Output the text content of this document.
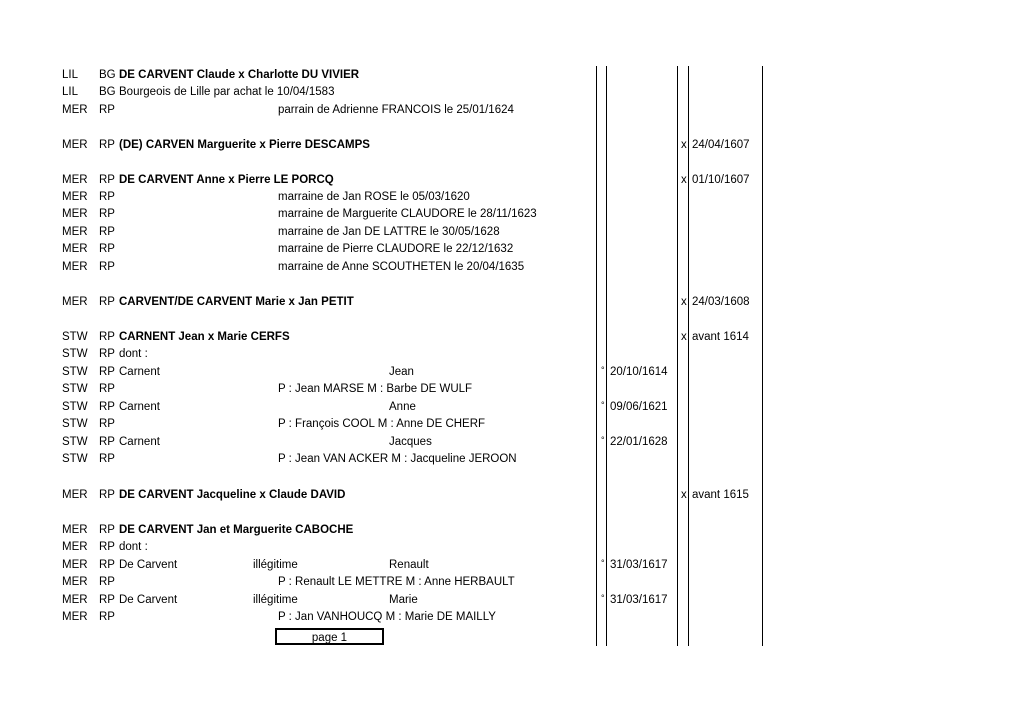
LIL BG DE CARVENT Claude x Charlotte DU VIVIER
LIL BG Bourgeois de Lille par achat le 10/04/1583
MER RP	parrain de Adrienne FRANCOIS le 25/01/1624
MER RP (DE) CARVEN Marguerite x Pierre DESCAMPS	x 24/04/1607
MER RP DE CARVENT Anne x Pierre LE PORCQ	x 01/10/1607
MER RP	marraine de Jan ROSE le 05/03/1620
MER RP	marraine de Marguerite CLAUDORE le 28/11/1623
MER RP	marraine de Jan DE LATTRE le 30/05/1628
MER RP	marraine de Pierre CLAUDORE le 22/12/1632
MER RP	marraine de Anne SCOUTHETEN le 20/04/1635
MER RP CARVENT/DE CARVENT Marie x Jan PETIT	x 24/03/1608
STW RP CARNENT Jean x Marie CERFS	x avant 1614
STW RP dont :
STW RP Carnent	Jean	° 20/10/1614
STW RP	P : Jean MARSE M : Barbe DE WULF
STW RP Carnent	Anne	° 09/06/1621
STW RP	P : François COOL M : Anne DE CHERF
STW RP Carnent	Jacques	° 22/01/1628
STW RP	P : Jean VAN ACKER M : Jacqueline JEROON
MER RP DE CARVENT Jacqueline x Claude DAVID	x avant 1615
MER RP DE CARVENT Jan et Marguerite CABOCHE
MER RP dont :
MER RP De Carvent	illégitime	Renault	° 31/03/1617
MER RP	P : Renault LE METTRE M : Anne HERBAULT
MER RP De Carvent	illégitime	Marie	° 31/03/1617
MER RP	P : Jan VANHOUCQ M : Marie DE MAILLY
page 1
